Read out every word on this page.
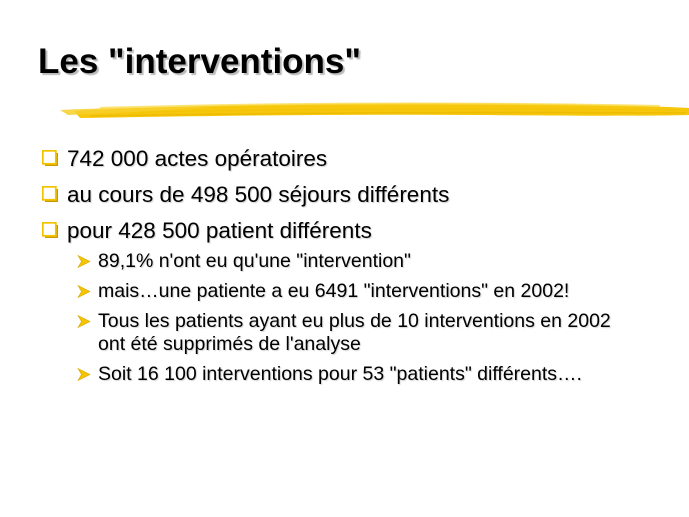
Les "interventions"
742 000 actes opératoires
au cours de 498 500 séjours différents
pour 428 500 patient différents
89,1% n'ont eu qu'une "intervention"
mais…une patiente a eu 6491 "interventions" en 2002!
Tous les patients ayant eu plus de 10 interventions en 2002 ont été supprimés de l'analyse
Soit 16 100 interventions pour 53 "patients" différents….
